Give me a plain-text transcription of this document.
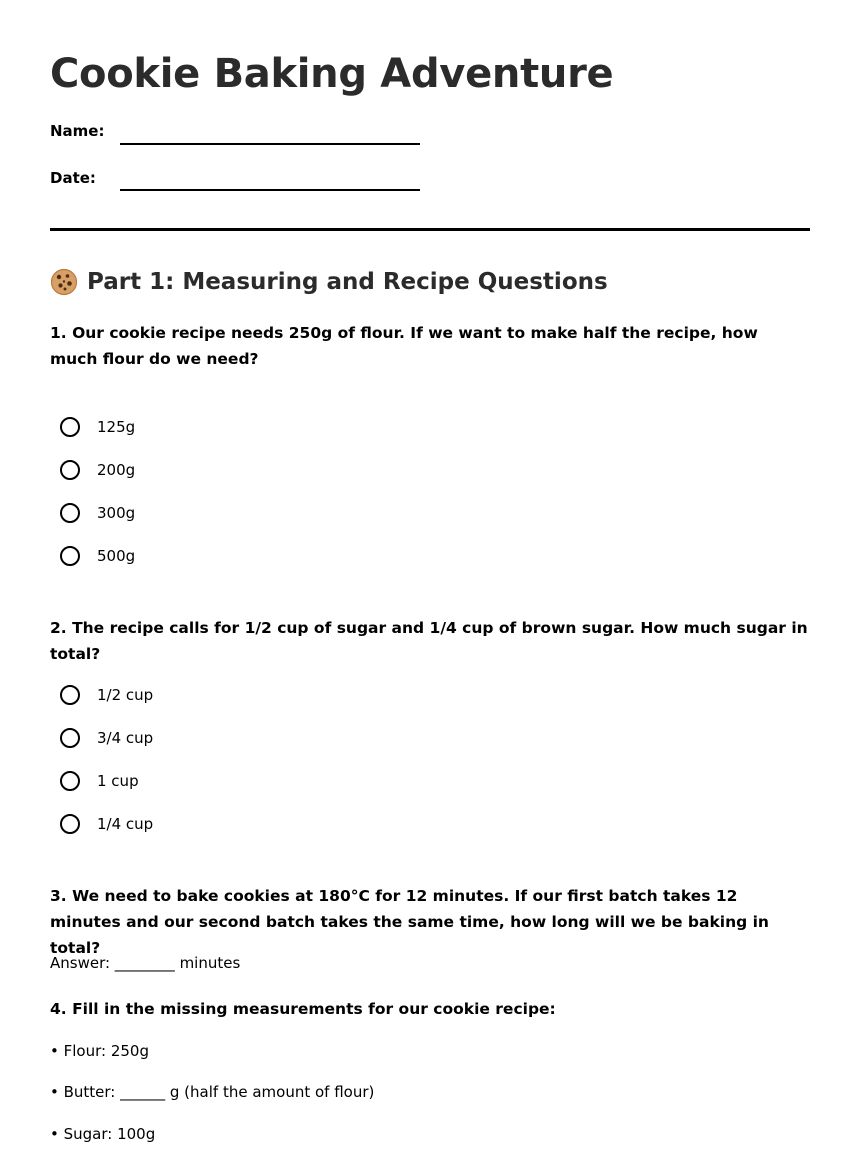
Cookie Baking Adventure
Name:
Date:
Part 1: Measuring and Recipe Questions

1. Our cookie recipe needs 250g of flour. If we want to make half the recipe, how much flour do we need?

125g
200g
300g
500g

2. The recipe calls for 1/2 cup of sugar and 1/4 cup of brown sugar. How much sugar in total?

1/2 cup
3/4 cup
1 cup
1/4 cup

3. We need to bake cookies at 180°C for 12 minutes. If our first batch takes 12 minutes and our second batch takes the same time, how long will we be baking in total?

Answer: ________ minutes

4. Fill in the missing measurements for our cookie recipe:

• Flour: 250g
• Butter: ______ g (half the amount of flour)
• Sugar: 100g
